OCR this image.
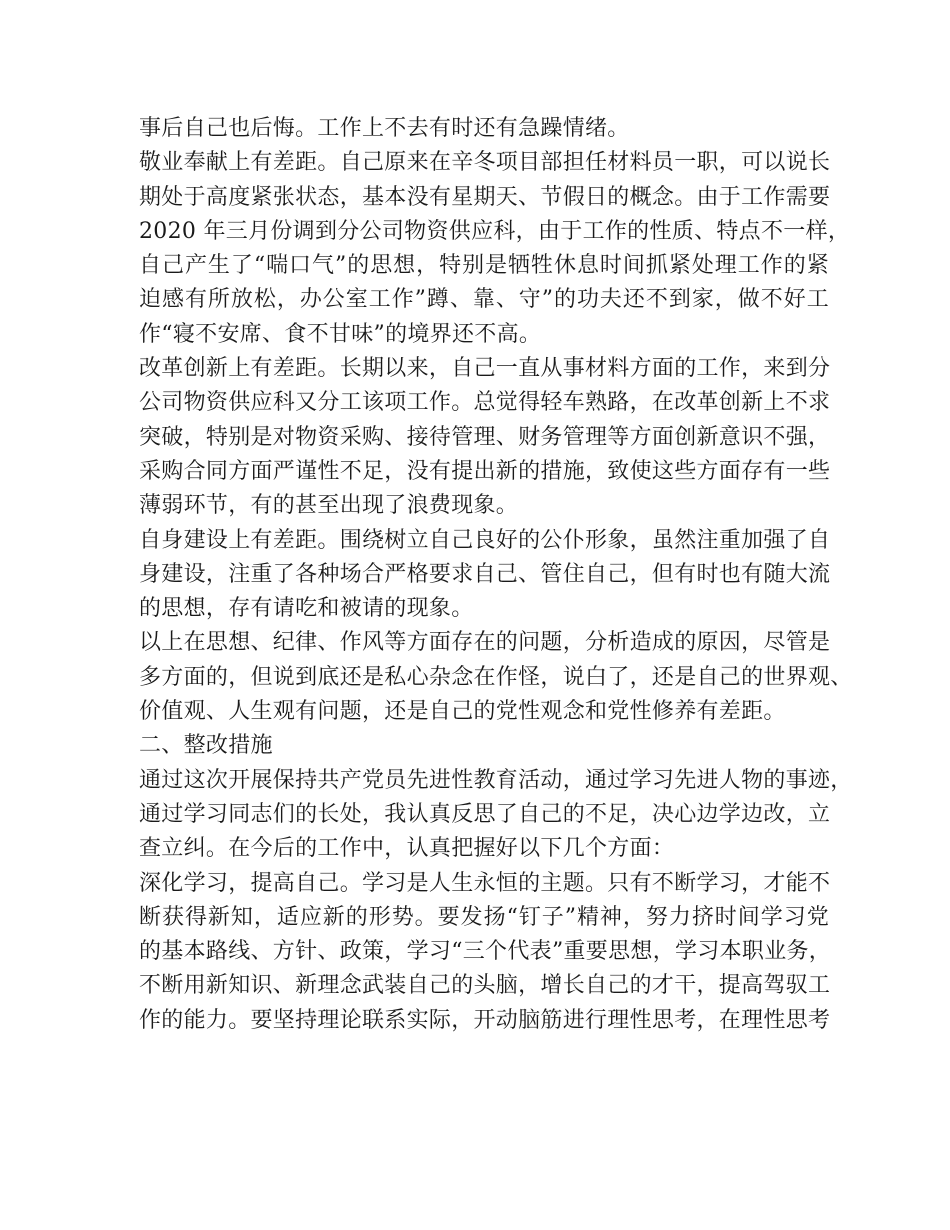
事后自己也后悔。工作上不去有时还有急躁情绪。
敬业奉献上有差距。自己原来在辛冬项目部担任材料员一职，可以说长
期处于高度紧张状态，基本没有星期天、节假日的概念。由于工作需要
2020 年三月份调到分公司物资供应科，由于工作的性质、特点不一样，
自己产生了“喘口气”的思想，特别是牺牲休息时间抓紧处理工作的紧
迫感有所放松，办公室工作”蹲、靠、守”的功夫还不到家，做不好工
作“寝不安席、食不甘味”的境界还不高。
改革创新上有差距。长期以来，自己一直从事材料方面的工作，来到分
公司物资供应科又分工该项工作。总觉得轻车熟路，在改革创新上不求
突破，特别是对物资采购、接待管理、财务管理等方面创新意识不强，
采购合同方面严谨性不足，没有提出新的措施，致使这些方面存有一些
薄弱环节，有的甚至出现了浪费现象。
自身建设上有差距。围绕树立自己良好的公仆形象，虽然注重加强了自
身建设，注重了各种场合严格要求自己、管住自己，但有时也有随大流
的思想，存有请吃和被请的现象。
以上在思想、纪律、作风等方面存在的问题，分析造成的原因，尽管是
多方面的，但说到底还是私心杂念在作怪，说白了，还是自己的世界观、
价值观、人生观有问题，还是自己的党性观念和党性修养有差距。
二、整改措施
通过这次开展保持共产党员先进性教育活动，通过学习先进人物的事迹，
通过学习同志们的长处，我认真反思了自己的不足，决心边学边改，立
查立纠。在今后的工作中，认真把握好以下几个方面：
深化学习，提高自己。学习是人生永恒的主题。只有不断学习，才能不
断获得新知，适应新的形势。要发扬“钉子”精神，努力挤时间学习党
的基本路线、方针、政策，学习“三个代表”重要思想，学习本职业务，
不断用新知识、新理念武装自己的头脑，增长自己的才干，提高驾驭工
作的能力。要坚持理论联系实际，开动脑筋进行理性思考，在理性思考
